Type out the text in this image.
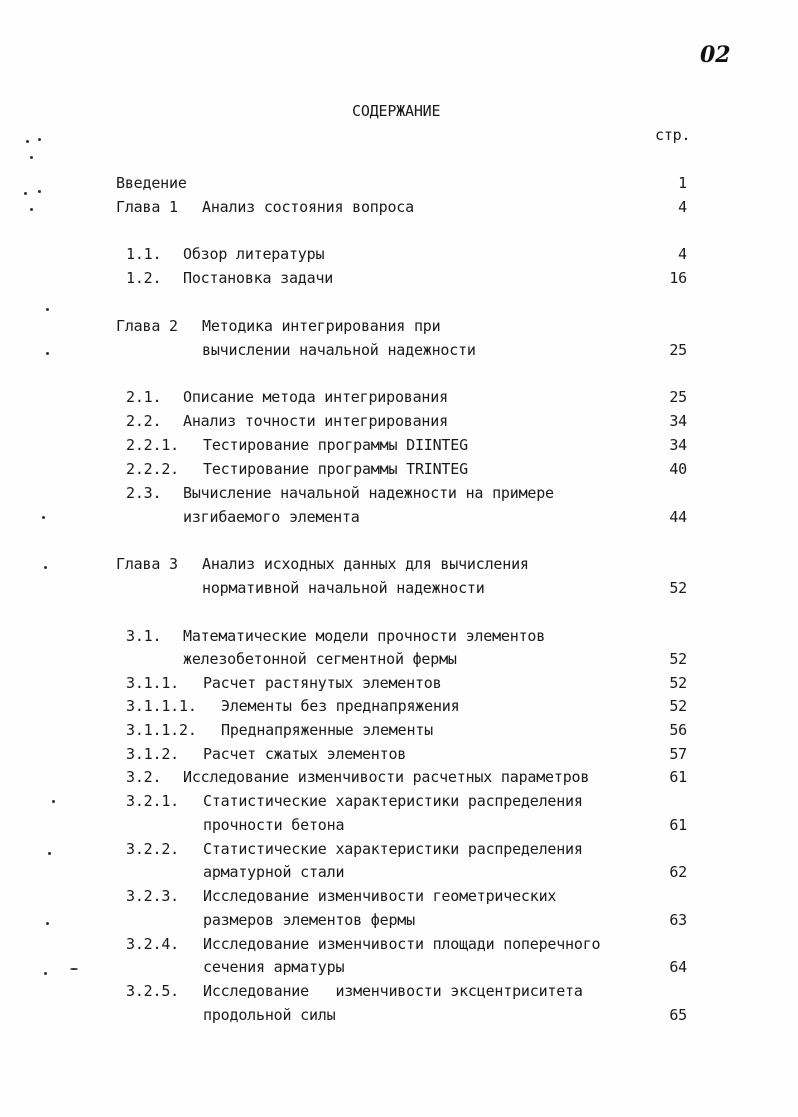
02
СОДЕРЖАНИЕ
стр.
Введение	1
Глава 1 Анализ состояния вопроса	4
1.1. Обзор литературы	4
1.2. Постановка задачи	16
Глава 2 Методика интегрирования при
вычислении начальной надежности	25
2.1. Описание метода интегрирования	25
2.2. Анализ точности интегрирования	34
2.2.1. Тестирование программы DIINTEG	34
2.2.2. Тестирование программы TRINTEG	40
2.3. Вычисление начальной надежности на примере
изгибаемого элемента	44
Глава 3 Анализ исходных данных для вычисления
нормативной начальной надежности	52
3.1. Математические модели прочности элементов
железобетонной сегментной фермы	52
3.1.1. Расчет растянутых элементов	52
3.1.1.1. Элементы без преднапряжения	52
3.1.1.2. Преднапряженные элементы	56
3.1.2. Расчет сжатых элементов	57
3.2. Исследование изменчивости расчетных параметров	61
3.2.1. Статистические характеристики распределения
прочности бетона	61
3.2.2. Статистические характеристики распределения
арматурной стали	62
3.2.3. Исследование изменчивости геометрических
размеров элементов фермы	63
3.2.4. Исследование изменчивости площади поперечного
сечения арматуры	64
3.2.5. Исследование   изменчивости эксцентриситета
продольной силы	65
